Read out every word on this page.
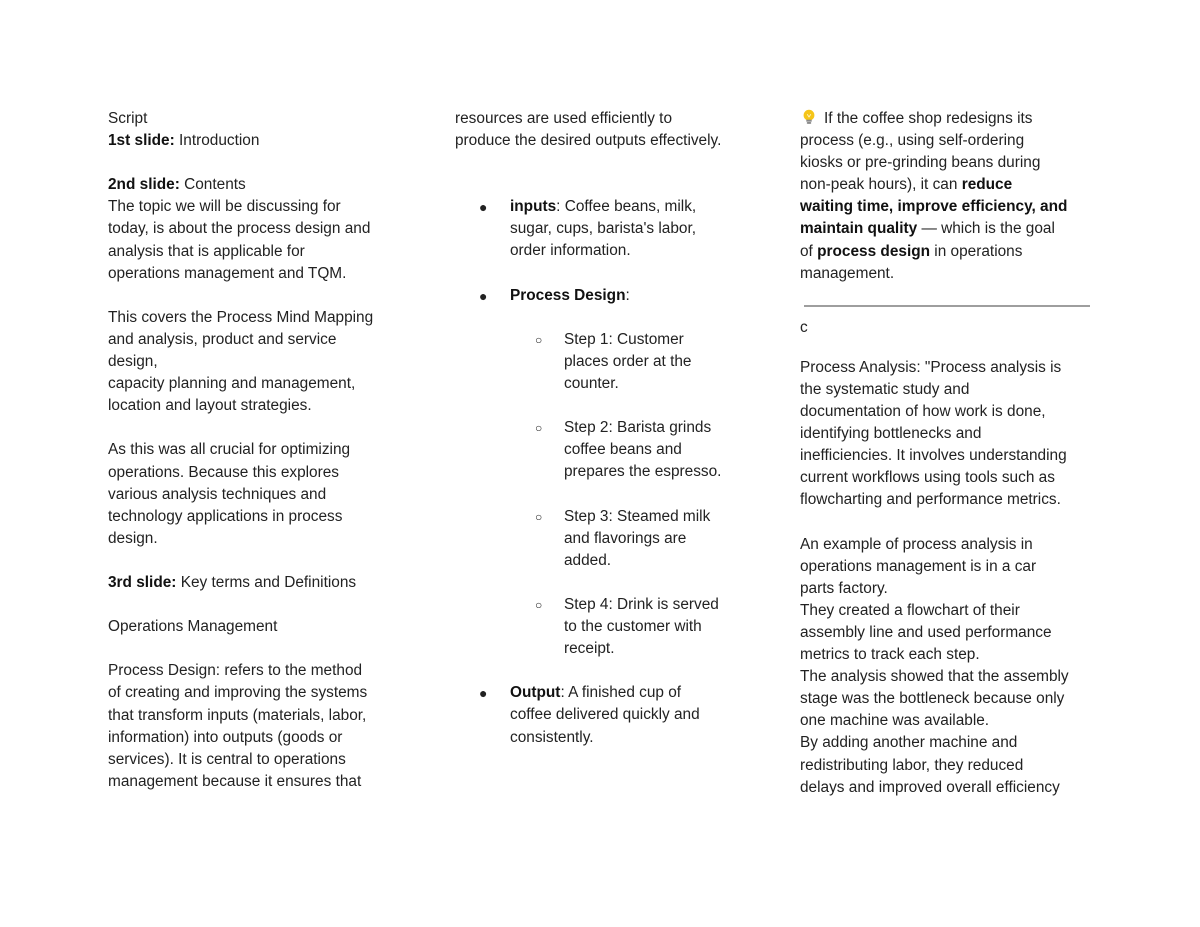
Script
1st slide: Introduction
2nd slide: Contents
The topic we will be discussing for
today, is about the process design and
analysis that is applicable for
operations management and TQM.
This covers the Process Mind Mapping
and analysis, product and service
design,
capacity planning and management,
location and layout strategies.
As this was all crucial for optimizing
operations. Because this explores
various analysis techniques and
technology applications in process
design.
3rd slide: Key terms and Definitions
Operations Management
Process Design: refers to the method
of creating and improving the systems
that transform inputs (materials, labor,
information) into outputs (goods or
services). It is central to operations
management because it ensures that
resources are used efficiently to
produce the desired outputs effectively.
● inputs: Coffee beans, milk,
sugar, cups, barista's labor,
order information.
● Process Design:
○ Step 1: Customer
places order at the
counter.
○ Step 2: Barista grinds
coffee beans and
prepares the espresso.
○ Step 3: Steamed milk
and flavorings are
added.
○ Step 4: Drink is served
to the customer with
receipt.
● Output: A finished cup of
coffee delivered quickly and
consistently.
If the coffee shop redesigns its
process (e.g., using self-ordering
kiosks or pre-grinding beans during
non-peak hours), it can reduce
waiting time, improve efficiency, and
maintain quality — which is the goal
of process design in operations
management.
c
Process Analysis: "Process analysis is
the systematic study and
documentation of how work is done,
identifying bottlenecks and
inefficiencies. It involves understanding
current workflows using tools such as
flowcharting and performance metrics.
An example of process analysis in
operations management is in a car
parts factory.
They created a flowchart of their
assembly line and used performance
metrics to track each step.
The analysis showed that the assembly
stage was the bottleneck because only
one machine was available.
By adding another machine and
redistributing labor, they reduced
delays and improved overall efficiency
